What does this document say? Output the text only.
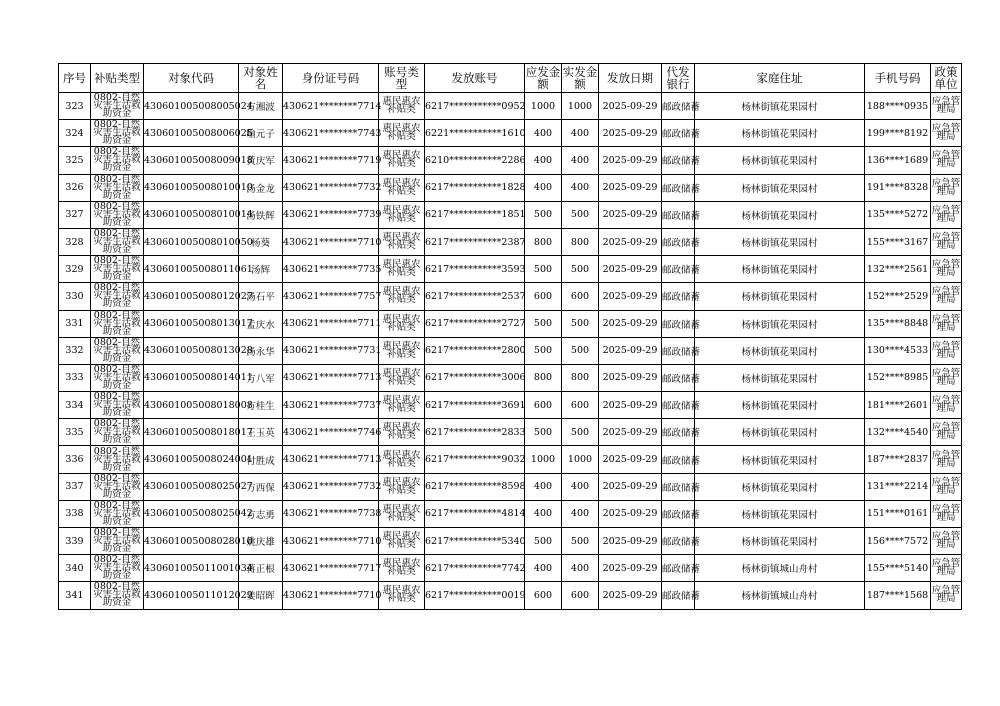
序号	补贴类型	对象代码	对象姓名	身份证号码	账号类型	发放账号	应发金额	实发金额	发放日期	代发银行	家庭住址	手机号码	政策单位
323	0802-自然灾害生活救助资金	430601005008005024	方湘波	430621********7714	惠民惠农补贴类	6217***********0952	1000	1000	2025-09-29	邮政储蓄	杨林街镇花果园村	188****0935	应急管理局
324	0802-自然灾害生活救助资金	430601005008006025	喻元子	430621********7743	惠民惠农补贴类	6221***********1610	400	400	2025-09-29	邮政储蓄	杨林街镇花果园村	199****8192	应急管理局
325	0802-自然灾害生活救助资金	430601005008009018	黄庆军	430621********7719	惠民惠农补贴类	6210***********2286	400	400	2025-09-29	邮政储蓄	杨林街镇花果园村	136****1689	应急管理局
326	0802-自然灾害生活救助资金	430601005008010010	汤金龙	430621********7732	惠民惠农补贴类	6217***********1828	400	400	2025-09-29	邮政储蓄	杨林街镇花果园村	191****8328	应急管理局
327	0802-自然灾害生活救助资金	430601005008010014	汤铁辉	430621********7739	惠民惠农补贴类	6217***********1851	500	500	2025-09-29	邮政储蓄	杨林街镇花果园村	135****5272	应急管理局
328	0802-自然灾害生活救助资金	430601005008010050	杨葵	430621********7710	惠民惠农补贴类	6217***********2387	800	800	2025-09-29	邮政储蓄	杨林街镇花果园村	155****3167	应急管理局
329	0802-自然灾害生活救助资金	430601005008011061	汤辉	430621********7735	惠民惠农补贴类	6217***********3593	500	500	2025-09-29	邮政储蓄	杨林街镇花果园村	132****2561	应急管理局
330	0802-自然灾害生活救助资金	430601005008012027	汤石平	430621********7757	惠民惠农补贴类	6217***********2537	600	600	2025-09-29	邮政储蓄	杨林街镇花果园村	152****2529	应急管理局
331	0802-自然灾害生活救助资金	430601005008013017	孟庆水	430621********7711	惠民惠农补贴类	6217***********2727	500	500	2025-09-29	邮政储蓄	杨林街镇花果园村	135****8848	应急管理局
332	0802-自然灾害生活救助资金	430601005008013028	汤永华	430621********7731	惠民惠农补贴类	6217***********2800	500	500	2025-09-29	邮政储蓄	杨林街镇花果园村	130****4533	应急管理局
333	0802-自然灾害生活救助资金	430601005008014011	方八军	430621********7713	惠民惠农补贴类	6217***********3006	800	800	2025-09-29	邮政储蓄	杨林街镇花果园村	152****8985	应急管理局
334	0802-自然灾害生活救助资金	430601005008018008	方桂生	430621********7737	惠民惠农补贴类	6217***********3691	600	600	2025-09-29	邮政储蓄	杨林街镇花果园村	181****2601	应急管理局
335	0802-自然灾害生活救助资金	430601005008018017	王玉英	430621********7746	惠民惠农补贴类	6217***********2833	500	500	2025-09-29	邮政储蓄	杨林街镇花果园村	132****4540	应急管理局
336	0802-自然灾害生活救助资金	430601005008024001	付胜成	430621********7713	惠民惠农补贴类	6217***********9032	1000	1000	2025-09-29	邮政储蓄	杨林街镇花果园村	187****2837	应急管理局
337	0802-自然灾害生活救助资金	430601005008025027	方西保	430621********7732	惠民惠农补贴类	6217***********8598	400	400	2025-09-29	邮政储蓄	杨林街镇花果园村	131****2214	应急管理局
338	0802-自然灾害生活救助资金	430601005008025042	方志勇	430621********7738	惠民惠农补贴类	6217***********4814	400	400	2025-09-29	邮政储蓄	杨林街镇花果园村	151****0161	应急管理局
339	0802-自然灾害生活救助资金	430601005008028010	姚庆雄	430621********7710	惠民惠农补贴类	6217***********5340	500	500	2025-09-29	邮政储蓄	杨林街镇花果园村	156****7572	应急管理局
340	0802-自然灾害生活救助资金	430601005011001034	蒋正根	430621********7717	惠民惠农补贴类	6217***********7742	400	400	2025-09-29	邮政储蓄	杨林街镇城山舟村	155****5140	应急管理局
341	0802-自然灾害生活救助资金	430601005011012029	姜昭晖	430621********7710	惠民惠农补贴类	6217***********0019	600	600	2025-09-29	邮政储蓄	杨林街镇城山舟村	187****1568	应急管理局
